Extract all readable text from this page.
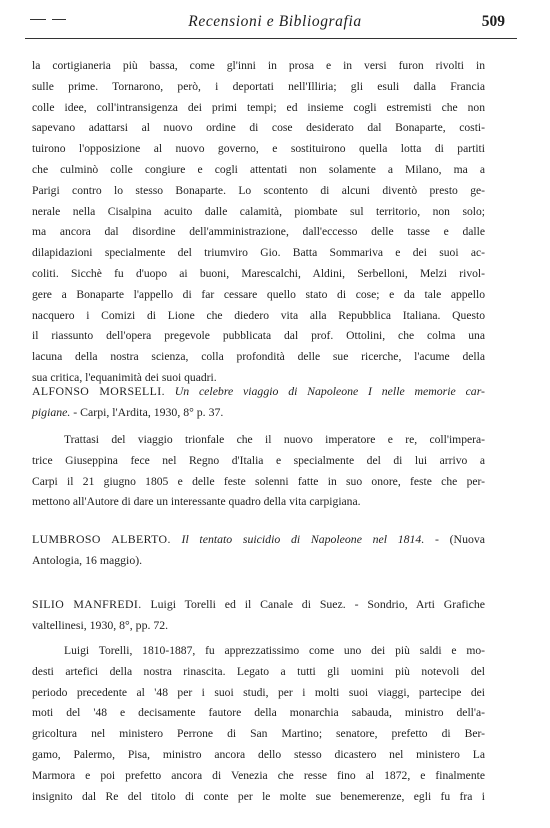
Recensioni e Bibliografia	509
la cortigianeria più bassa, come gl'inni in prosa e in versi furon rivolti in
sulle prime. Tornarono, però, i deportati nell'Illiria; gli esuli dalla Francia
colle idee, coll'intransigenza dei primi tempi; ed insieme cogli estremisti che non
sapevano adattarsi al nuovo ordine di cose desiderato dal Bonaparte, costi-
tuirono l'opposizione al nuovo governo, e sostituirono quella lotta di partiti
che culminò colle congiure e cogli attentati non solamente a Milano, ma a
Parigi contro lo stesso Bonaparte. Lo scontento di alcuni diventò presto ge-
nerale nella Cisalpina acuito dalle calamità, piombate sul territorio, non solo;
ma ancora dal disordine dell'amministrazione, dall'eccesso delle tasse e dalle
dilapidazioni specialmente del triumviro Gio. Batta Sommariva e dei suoi ac-
coliti. Sicchè fu d'uopo ai buoni, Marescalchi, Aldini, Serbelloni, Melzi rivol-
gere a Bonaparte l'appello di far cessare quello stato di cose; e da tale appello
nacquero i Comizi di Lione che diedero vita alla Repubblica Italiana. Questo
il riassunto dell'opera pregevole pubblicata dal prof. Ottolini, che colma una
lacuna della nostra scienza, colla profondità delle sue ricerche, l'acume della
sua critica, l'equanimità dei suoi quadri.
ALFONSO MORSELLI. Un celebre viaggio di Napoleone I nelle memorie car-
pigiane. - Carpi, l'Ardita, 1930, 8° p. 37.
Trattasi del viaggio trionfale che il nuovo imperatore e re, coll'impera-
trice Giuseppina fece nel Regno d'Italia e specialmente del di lui arrivo a
Carpi il 21 giugno 1805 e delle feste solenni fatte in suo onore, feste che per-
mettono all'Autore di dare un interessante quadro della vita carpigiana.
LUMBROSO ALBERTO. Il tentato suicidio di Napoleone nel 1814. - (Nuova
Antologia, 16 maggio).
SILIO MANFREDI. Luigi Torelli ed il Canale di Suez. - Sondrio, Arti Grafiche
valtellinesi, 1930, 8°, pp. 72.
Luigi Torelli, 1810-1887, fu apprezzatissimo come uno dei più saldi e mo-
desti artefici della nostra rinascita. Legato a tutti gli uomini più notevoli del
periodo precedente al '48 per i suoi studi, per i molti suoi viaggi, partecipe dei
moti del '48 e decisamente fautore della monarchia sabauda, ministro dell'a-
gricoltura nel ministero Perrone di San Martino; senatore, prefetto di Ber-
gamo, Palermo, Pisa, ministro ancora dello stesso dicastero nel ministero La
Marmora e poi prefetto ancora di Venezia che resse fino al 1872, e finalmente
insignito dal Re del titolo di conte per le molte sue benemerenze, egli fu fra i
